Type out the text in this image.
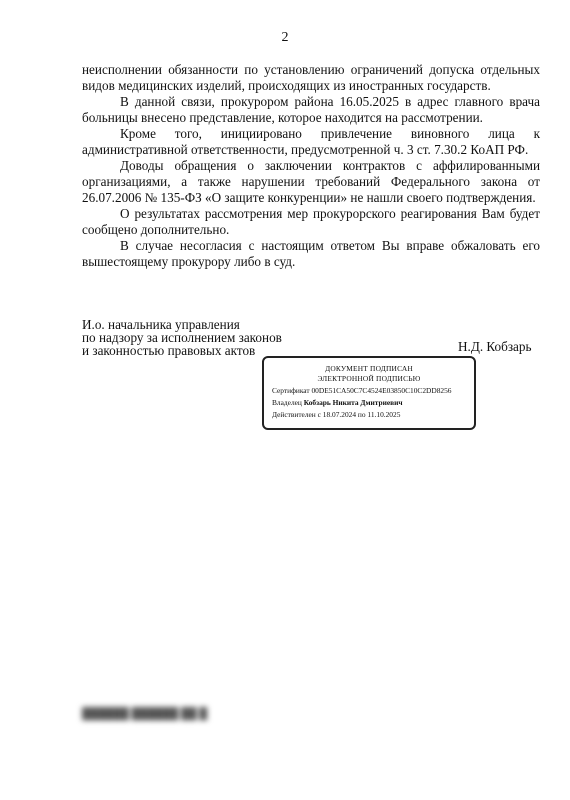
2

неисполнении обязанности по установлению ограничений допуска отдельных видов медицинских изделий, происходящих из иностранных государств.

В данной связи, прокурором района 16.05.2025 в адрес главного врача больницы внесено представление, которое находится на рассмотрении.

Кроме того, инициировано привлечение виновного лица к административной ответственности, предусмотренной ч. 3 ст. 7.30.2 КоАП РФ.

Доводы обращения о заключении контрактов с аффилированными организациями, а также нарушении требований Федерального закона от 26.07.2006 № 135-ФЗ «О защите конкуренции» не нашли своего подтверждения.

О результатах рассмотрения мер прокурорского реагирования Вам будет сообщено дополнительно.

В случае несогласия с настоящим ответом Вы вправе обжаловать его вышестоящему прокурору либо в суд.

И.о. начальника управления
по надзору за исполнением законов
и законностью правовых актов	Н.Д. Кобзарь
ДОКУМЕНТ ПОДПИСАН
ЭЛЕКТРОННОЙ ПОДПИСЬЮ
Сертификат 00DE51CA50C7C4524E03850C10C2DD8256
Владелец Кобзарь Никита Дмитриевич
Действителен с 18.07.2024 по 11.10.2025
██████ ██████ ██ █
